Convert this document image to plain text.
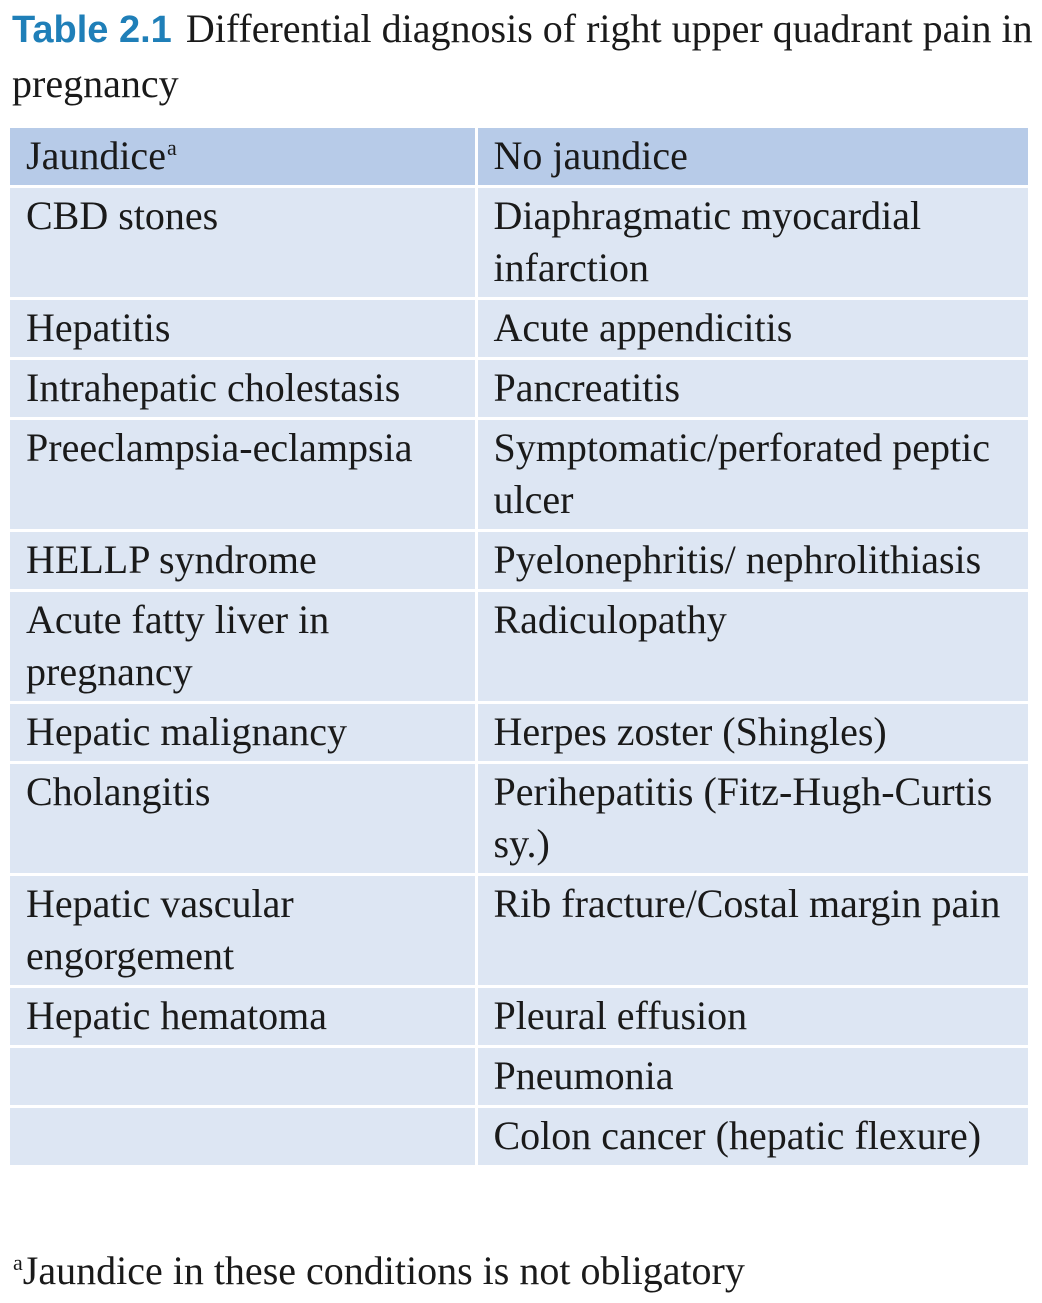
Table 2.1 Differential diagnosis of right upper quadrant pain in pregnancy

Jaundice$^a$	No jaundice
CBD stones	Diaphragmatic myocardial infarction
Hepatitis	Acute appendicitis
Intrahepatic cholestasis	Pancreatitis
Preeclampsia-eclampsia	Symptomatic/perforated peptic ulcer
HELLP syndrome	Pyelonephritis/ nephrolithiasis
Acute fatty liver in pregnancy	Radiculopathy
Hepatic malignancy	Herpes zoster (Shingles)
Cholangitis	Perihepatitis (Fitz-Hugh-Curtis sy.)
Hepatic vascular engorgement	Rib fracture/Costal margin pain
Hepatic hematoma	Pleural effusion
	Pneumonia
	Colon cancer (hepatic flexure)

$^a$Jaundice in these conditions is not obligatory
